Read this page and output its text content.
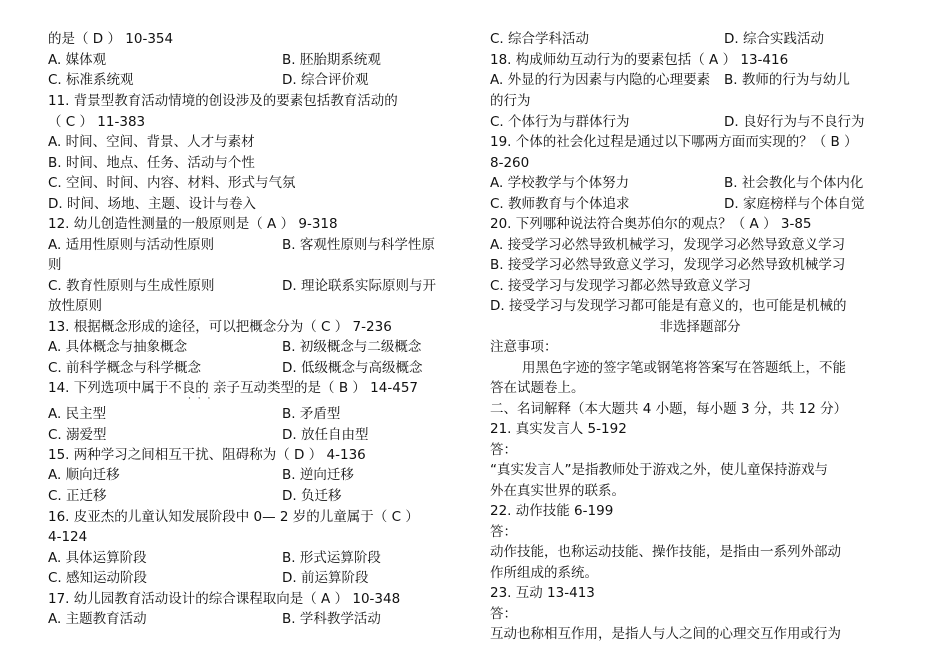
的是（ D ） 10-354
A. 媒体观	B. 胚胎期系统观
C. 标准系统观	D. 综合评价观
11. 背景型教育活动情境的创设涉及的要素包括教育活动的
（ C ） 11-383
A. 时间、空间、背景、人才与素材
B. 时间、地点、任务、活动与个性
C. 空间、时间、内容、材料、形式与气氛
D. 时间、场地、主题、设计与卷入
12. 幼儿创造性测量的一般原则是（ A ） 9-318
A. 适用性原则与活动性原则	B. 客观性原则与科学性原
则
C. 教育性原则与生成性原则	D. 理论联系实际原则与开
放性原则
13. 根据概念形成的途径，可以把概念分为（ C ） 7-236
A. 具体概念与抽象概念	B. 初级概念与二级概念
C. 前科学概念与科学概念	D. 低级概念与高级概念
14. 下列选项中属于不良的 亲子互动类型的是（ B ） 14-457
· · ·
A. 民主型	B. 矛盾型
C. 溺爱型	D. 放任自由型
15. 两种学习之间相互干扰、阻碍称为（ D ） 4-136
A. 顺向迁移	B. 逆向迁移
C. 正迁移	D. 负迁移
16. 皮亚杰的儿童认知发展阶段中 0— 2 岁的儿童属于（ C ）
4-124
A. 具体运算阶段	B. 形式运算阶段
C. 感知运动阶段	D. 前运算阶段
17. 幼儿园教育活动设计的综合课程取向是（ A ） 10-348
A. 主题教育活动	B. 学科教学活动
C. 综合学科活动	D. 综合实践活动
18. 构成师幼互动行为的要素包括（ A ） 13-416
A. 外显的行为因素与内隐的心理要素 B. 教师的行为与幼儿
的行为
C. 个体行为与群体行为	D. 良好行为与不良行为
19. 个体的社会化过程是通过以下哪两方面而实现的？（ B ）
8-260
A. 学校教学与个体努力	B. 社会教化与个体内化
C. 教师教育与个体追求	D. 家庭榜样与个体自觉
20. 下列哪种说法符合奥苏伯尔的观点？（ A ） 3-85
A. 接受学习必然导致机械学习，发现学习必然导致意义学习
B. 接受学习必然导致意义学习，发现学习必然导致机械学习
C. 接受学习与发现学习都必然导致意义学习
D. 接受学习与发现学习都可能是有意义的，也可能是机械的
非选择题部分
注意事项：
用黑色字迹的签字笔或钢笔将答案写在答题纸上，不能
答在试题卷上。
二、名词解释（本大题共 4 小题，每小题 3 分，共 12 分）
21. 真实发言人 5-192
答：
“真实发言人”是指教师处于游戏之外，使儿童保持游戏与
外在真实世界的联系。
22. 动作技能 6-199
答：
动作技能，也称运动技能、操作技能，是指由一系列外部动
作所组成的系统。
23. 互动 13-413
答：
互动也称相互作用，是指人与人之间的心理交互作用或行为
